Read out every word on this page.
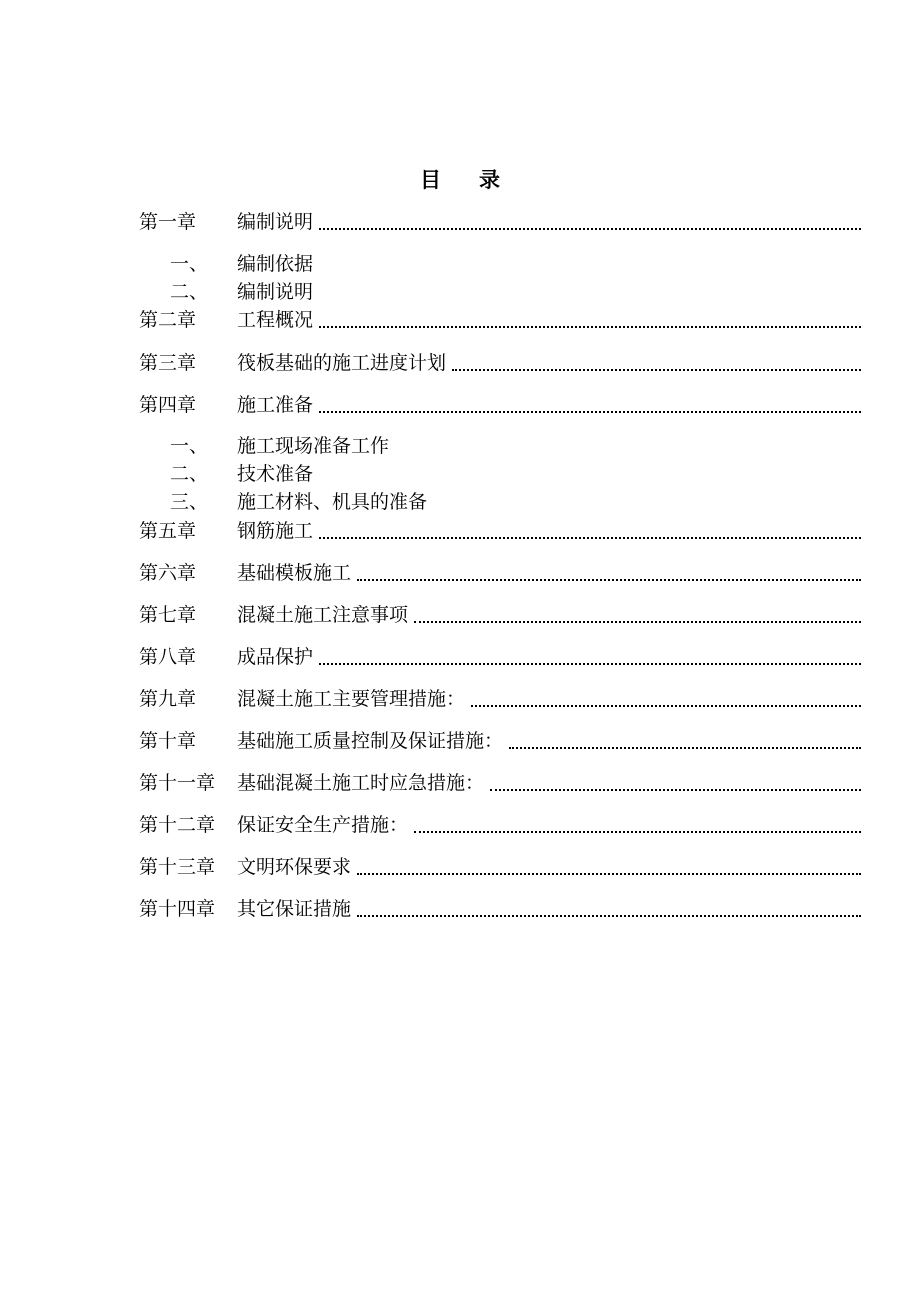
目 录
第一章	编制说明
一、 编制依据
二、 编制说明
第二章	工程概况
第三章	筏板基础的施工进度计划
第四章	施工准备
一、 施工现场准备工作
二、 技术准备
三、 施工材料、机具的准备
第五章	钢筋施工
第六章	基础模板施工
第七章	混凝土施工注意事项
第八章	成品保护
第九章	混凝土施工主要管理措施：
第十章	基础施工质量控制及保证措施：
第十一章	基础混凝土施工时应急措施：
第十二章	保证安全生产措施：
第十三章	文明环保要求
第十四章	其它保证措施
